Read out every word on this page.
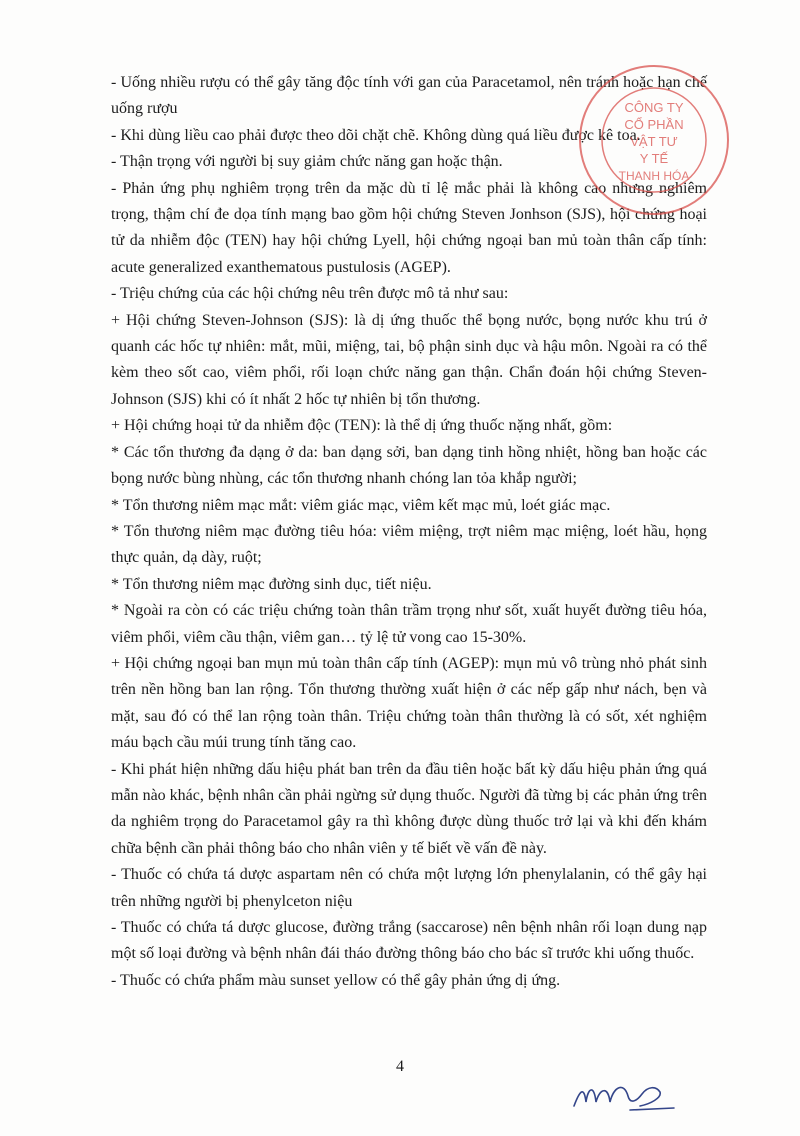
- Uống nhiều rượu có thể gây tăng độc tính với gan của Paracetamol, nên tránh hoặc hạn chế uống rượu

- Khi dùng liều cao phải được theo dõi chặt chẽ. Không dùng quá liều được kê toa.

- Thận trọng với người bị suy giảm chức năng gan hoặc thận.

- Phản ứng phụ nghiêm trọng trên da mặc dù tỉ lệ mắc phải là không cao nhưng nghiêm trọng, thậm chí đe dọa tính mạng bao gồm hội chứng Steven Jonhson (SJS), hội chứng hoại tử da nhiễm độc (TEN) hay hội chứng Lyell, hội chứng ngoại ban mủ toàn thân cấp tính: acute generalized exanthematous pustulosis (AGEP).

- Triệu chứng của các hội chứng nêu trên được mô tả như sau:

+ Hội chứng Steven-Johnson (SJS): là dị ứng thuốc thể bọng nước, bọng nước khu trú ở quanh các hốc tự nhiên: mắt, mũi, miệng, tai, bộ phận sinh dục và hậu môn. Ngoài ra có thể kèm theo sốt cao, viêm phổi, rối loạn chức năng gan thận. Chẩn đoán hội chứng Steven-Johnson (SJS) khi có ít nhất 2 hốc tự nhiên bị tổn thương.

+ Hội chứng hoại tử da nhiễm độc (TEN): là thể dị ứng thuốc nặng nhất, gồm:

* Các tổn thương đa dạng ở da: ban dạng sởi, ban dạng tinh hồng nhiệt, hồng ban hoặc các bọng nước bùng nhùng, các tổn thương nhanh chóng lan tỏa khắp người;

* Tổn thương niêm mạc mắt: viêm giác mạc, viêm kết mạc mủ, loét giác mạc.

* Tổn thương niêm mạc đường tiêu hóa: viêm miệng, trợt niêm mạc miệng, loét hầu, họng thực quản, dạ dày, ruột;

* Tổn thương niêm mạc đường sinh dục, tiết niệu.

* Ngoài ra còn có các triệu chứng toàn thân trầm trọng như sốt, xuất huyết đường tiêu hóa, viêm phổi, viêm cầu thận, viêm gan… tỷ lệ tử vong cao 15-30%.

+ Hội chứng ngoại ban mụn mủ toàn thân cấp tính (AGEP): mụn mủ vô trùng nhỏ phát sinh trên nền hồng ban lan rộng. Tổn thương thường xuất hiện ở các nếp gấp như nách, bẹn và mặt, sau đó có thể lan rộng toàn thân. Triệu chứng toàn thân thường là có sốt, xét nghiệm máu bạch cầu múi trung tính tăng cao.

- Khi phát hiện những dấu hiệu phát ban trên da đầu tiên hoặc bất kỳ dấu hiệu phản ứng quá mẫn nào khác, bệnh nhân cần phải ngừng sử dụng thuốc. Người đã từng bị các phản ứng trên da nghiêm trọng do Paracetamol gây ra thì không được dùng thuốc trở lại và khi đến khám chữa bệnh cần phải thông báo cho nhân viên y tế biết về vấn đề này.

- Thuốc có chứa tá dược aspartam nên có chứa một lượng lớn phenylalanin, có thể gây hại trên những người bị phenylceton niệu

- Thuốc có chứa tá dược glucose, đường trắng (saccarose) nên bệnh nhân rối loạn dung nạp một số loại đường và bệnh nhân đái tháo đường thông báo cho bác sĩ trước khi uống thuốc.

- Thuốc có chứa phẩm màu sunset yellow có thể gây phản ứng dị ứng.

CÔNG TY
CỔ PHẦN
VẬT TƯ
Y TẾ
THANH HÓA
4
